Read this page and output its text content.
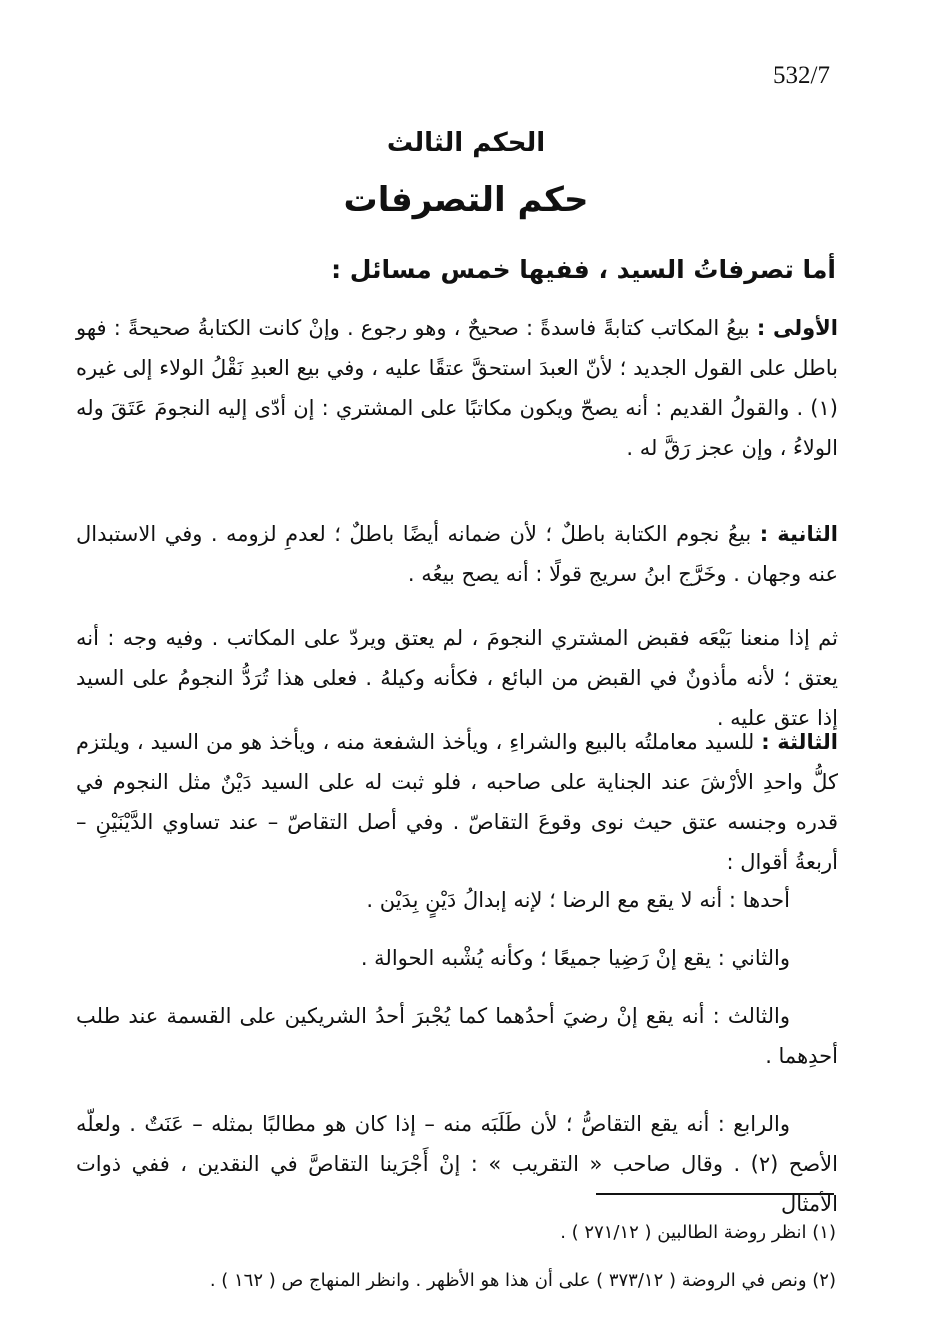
532/7
الحكم الثالث
حكم التصرفات
أما تصرفاتُ السيد ، ففيها خمس مسائل :
الأولى : بيعُ المكاتب كتابةً فاسدةً : صحيحٌ ، وهو رجوع . وإنْ كانت الكتابةُ صحيحةً : فهو باطل على القول الجديد ؛ لأنّ العبدَ استحقَّ عتقًا عليه ، وفي بيع العبدِ نَقْلُ الولاء إلى غيره (١) . والقولُ القديم : أنه يصحّ ويكون مكاتبًا على المشتري : إن أدّى إليه النجومَ عَتَقَ وله الولاءُ ، وإن عجز رَقَّ له .
الثانية : بيعُ نجوم الكتابة باطلٌ ؛ لأن ضمانه أيضًا باطلٌ ؛ لعدمِ لزومه . وفي الاستبدال عنه وجهان . وخَرَّج ابنُ سريج قولًا : أنه يصح بيعُه .
ثم إذا منعنا بَيْعَه فقبض المشتري النجومَ ، لم يعتق ويردّ على المكاتب . وفيه وجه : أنه يعتق ؛ لأنه مأذونٌ في القبض من البائع ، فكأنه وكيلهُ . فعلى هذا تُرَدُّ النجومُ على السيد إذا عتق عليه .
الثالثة : للسيد معاملتُه بالبيع والشراءِ ، ويأخذ الشفعة منه ، ويأخذ هو من السيد ، ويلتزم كلُّ واحدِ الأرْشَ عند الجناية على صاحبه ، فلو ثبت له على السيد دَيْنٌ مثل النجوم في قدره وجنسه عتق حيث نوى وقوعَ التقاصّ . وفي أصل التقاصّ – عند تساوي الدَّيْنَيْنِ – أربعةُ أقوال :
أحدها : أنه لا يقع مع الرضا ؛ لإنه إبدالُ دَيْنٍ بِدَيْن .
والثاني : يقع إنْ رَضِيا جميعًا ؛ وكأنه يُشْبه الحوالة .
والثالث : أنه يقع إنْ رضيَ أحدُهما كما يُجْبرَ أحدُ الشريكين على القسمة عند طلب أحدِهما .
والرابع : أنه يقع التقاصُّ ؛ لأن طَلَبَه منه – إذا كان هو مطالبًا بمثله – عَنَتٌ . ولعلّه الأصح (٢) . وقال صاحب « التقريب » : إنْ أَجْرَينا التقاصَّ في النقدين ، ففي ذوات الأمثال
(١) انظر روضة الطالبين ( ٢٧١/١٢ ) .
(٢) ونص في الروضة ( ٣٧٣/١٢ ) على أن هذا هو الأظهر . وانظر المنهاج ص ( ١٦٢ ) .
